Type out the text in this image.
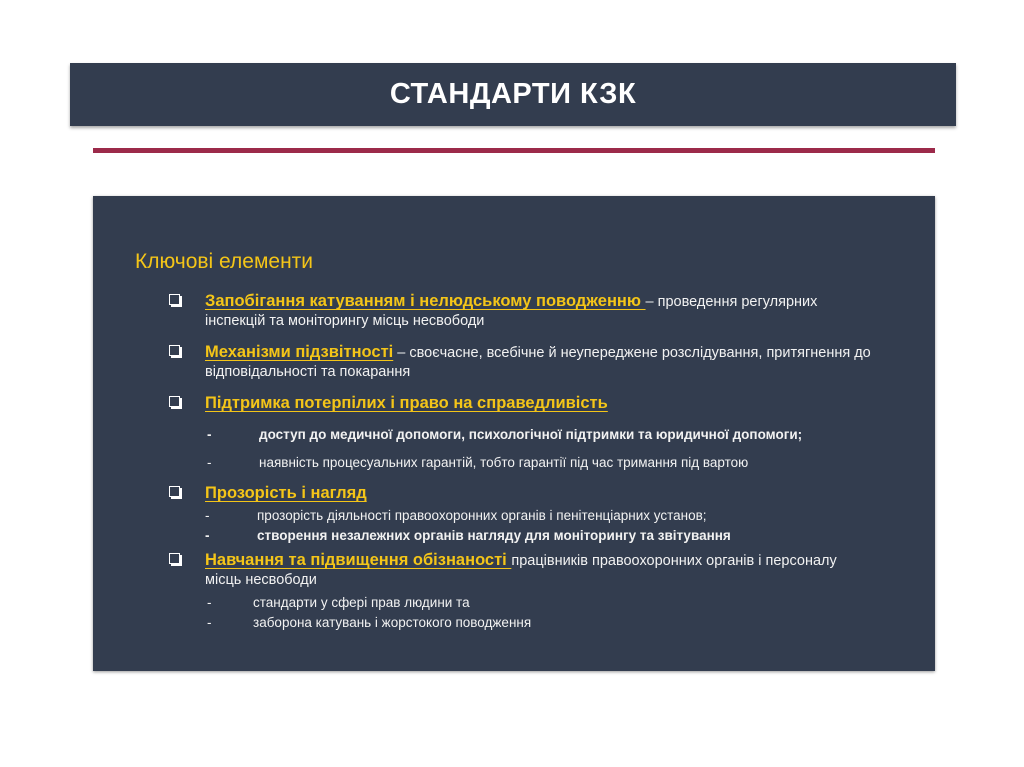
СТАНДАРТИ КЗК
Ключові елементи
Запобігання катуванням і нелюдському поводженню – проведення регулярних
інспекцій та моніторингу місць несвободи
Механізми підзвітності – своєчасне, всебічне й неупереджене розслідування, притягнення до
відповідальності та покарання
Підтримка потерпілих і право на справедливість
-	доступ до медичної допомоги, психологічної підтримки та юридичної допомоги;
-	наявність процесуальних гарантій, тобто гарантії під час тримання під вартою
Прозорість і нагляд
-	прозорість діяльності правоохоронних органів і пенітенціарних установ;
-	створення незалежних органів нагляду для моніторингу та звітування
Навчання та підвищення обізнаності працівників правоохоронних органів і персоналу
місць несвободи
-	стандарти у сфері прав людини та
-	заборона катувань і жорстокого поводження
